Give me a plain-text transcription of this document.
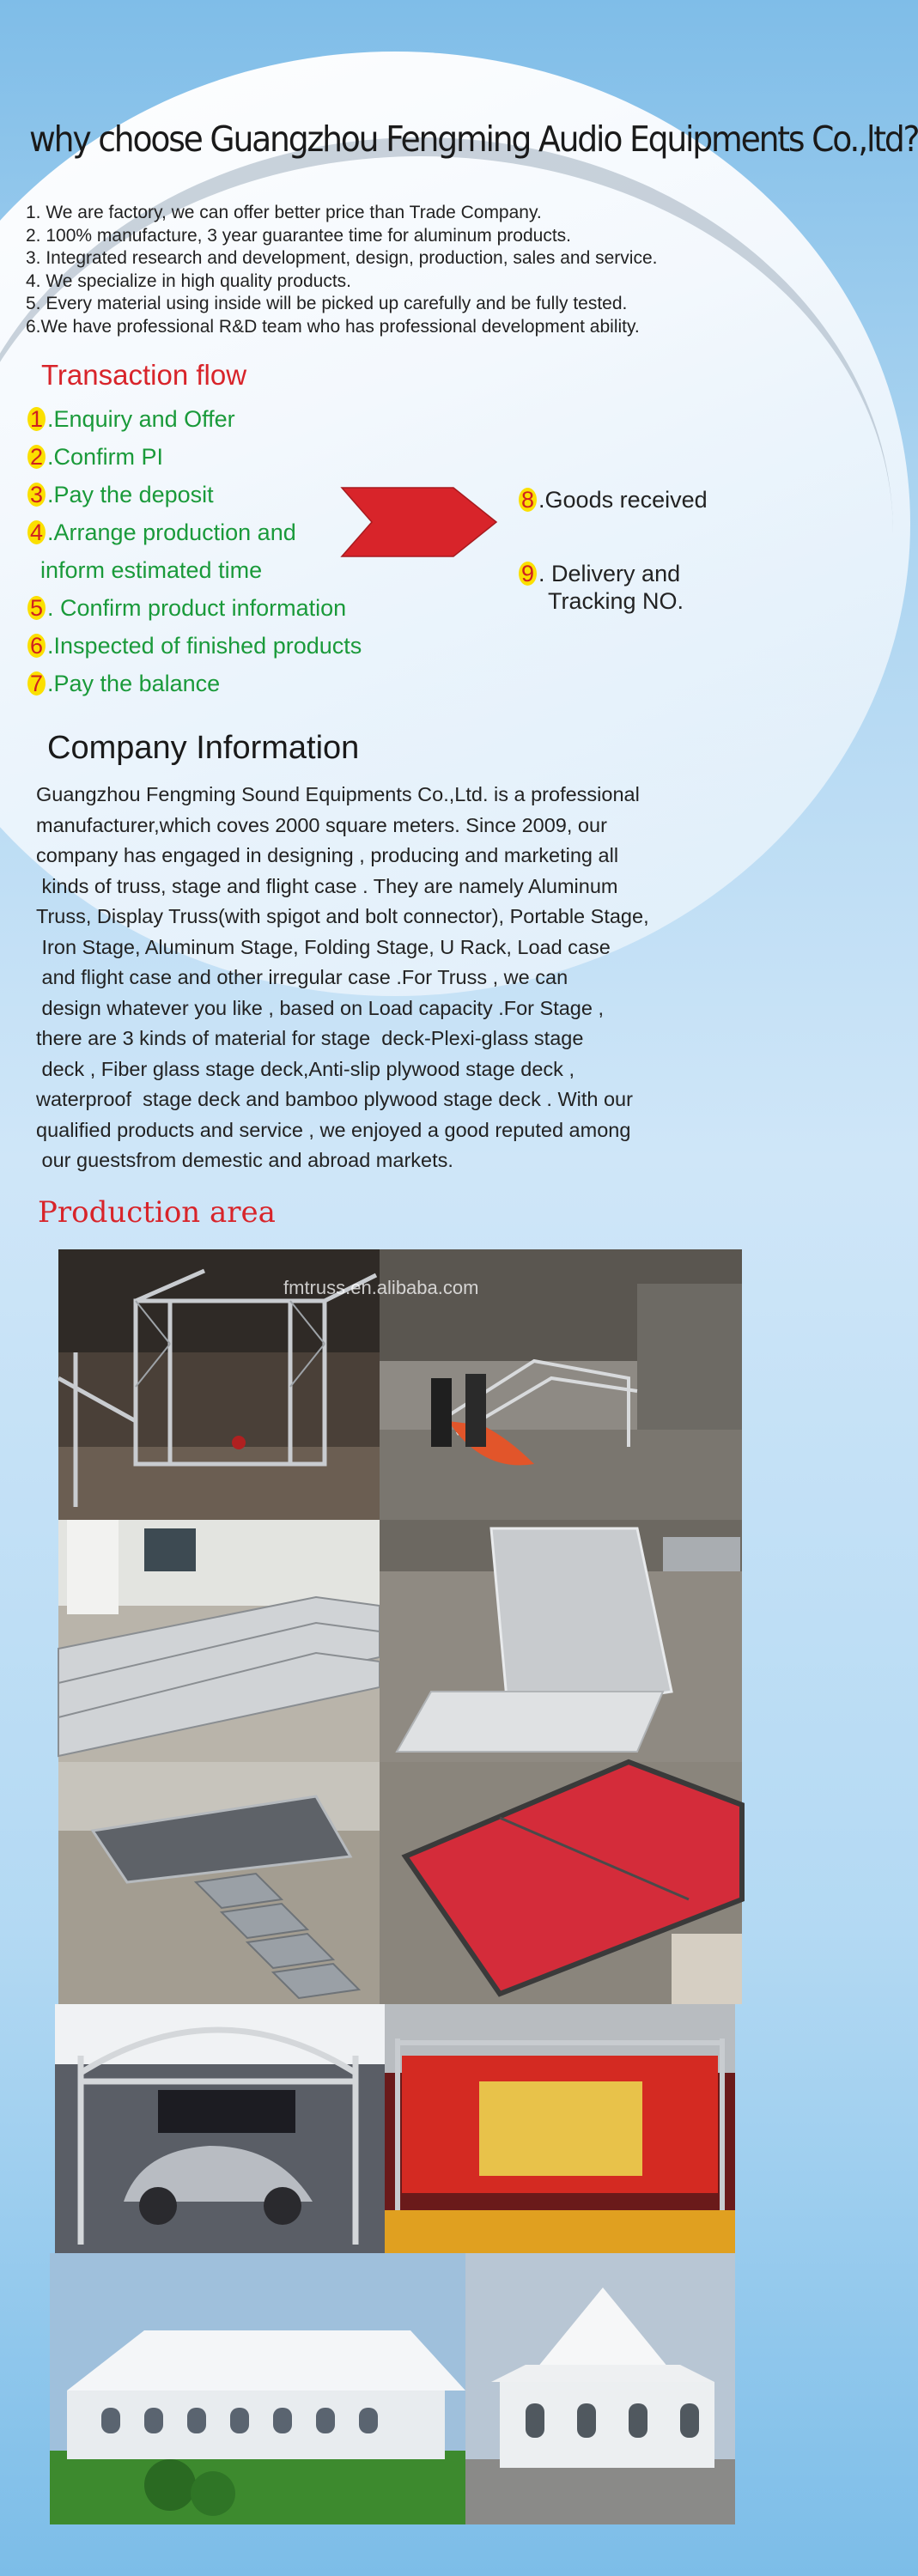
why choose Guangzhou Fengming Audio Equipments Co.,ltd?
1. We are factory, we can offer better price than Trade Company.
2. 100% manufacture, 3 year guarantee time for aluminum products.
3. Integrated research and development, design, production, sales and service.
4. We specialize in high quality products.
5. Every material using inside will be picked up carefully and be fully tested.
6.We have professional R&D team who has professional development ability.
Transaction flow
1 .Enquiry and Offer
2 .Confirm PI
3 .Pay the deposit
4 .Arrange production and
inform estimated time
5 . Confirm product information
6 .Inspected of finished products
7 .Pay the balance
8 .Goods received
9 . Delivery and
Tracking NO.
Company Information
Guangzhou Fengming Sound Equipments Co.,Ltd. is a professional
manufacturer,which coves 2000 square meters. Since 2009, our
company has engaged in designing , producing and marketing all
kinds of truss, stage and flight case . They are namely Aluminum
Truss, Display Truss(with spigot and bolt connector), Portable Stage,
Iron Stage, Aluminum Stage, Folding Stage, U Rack, Load case
and flight case and other irregular case .For Truss , we can
design whatever you like , based on Load capacity .For Stage ,
there are 3 kinds of material for stage  deck-Plexi-glass stage
deck , Fiber glass stage deck,Anti-slip plywood stage deck ,
waterproof  stage deck and bamboo plywood stage deck . With our
qualified products and service , we enjoyed a good reputed among
our guestsfrom demestic and abroad markets.
Production area
fmtruss.en.alibaba.com
